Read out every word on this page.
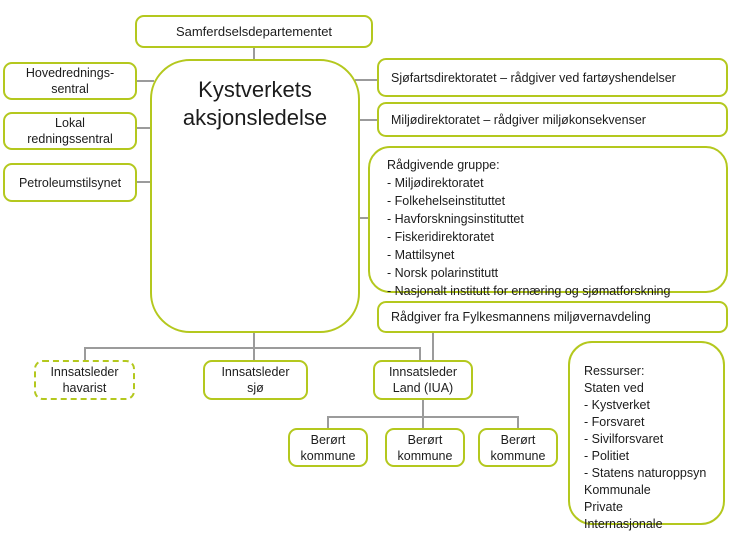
Samferdselsdepartementet
Kystverkets
aksjonsledelse
Hovedrednings-
sentral
Lokal
redningssentral
Petroleumstilsynet
Sjøfartsdirektoratet – rådgiver ved fartøyshendelser
Miljødirektoratet – rådgiver miljøkonsekvenser
Rådgivende gruppe:
- Miljødirektoratet
- Folkehelseinstituttet
- Havforskningsinstituttet
- Fiskeridirektoratet
- Mattilsynet
- Norsk polarinstitutt
- Nasjonalt institutt for ernæring og sjømatforskning
Rådgiver fra Fylkesmannens miljøvernavdeling
Innsatsleder
havarist
Innsatsleder
sjø
Innsatsleder
Land (IUA)
Berørt
kommune
Berørt
kommune
Berørt
kommune
Ressurser:
Staten ved
- Kystverket
- Forsvaret
- Sivilforsvaret
- Politiet
- Statens naturoppsyn
Kommunale
Private
Internasjonale
